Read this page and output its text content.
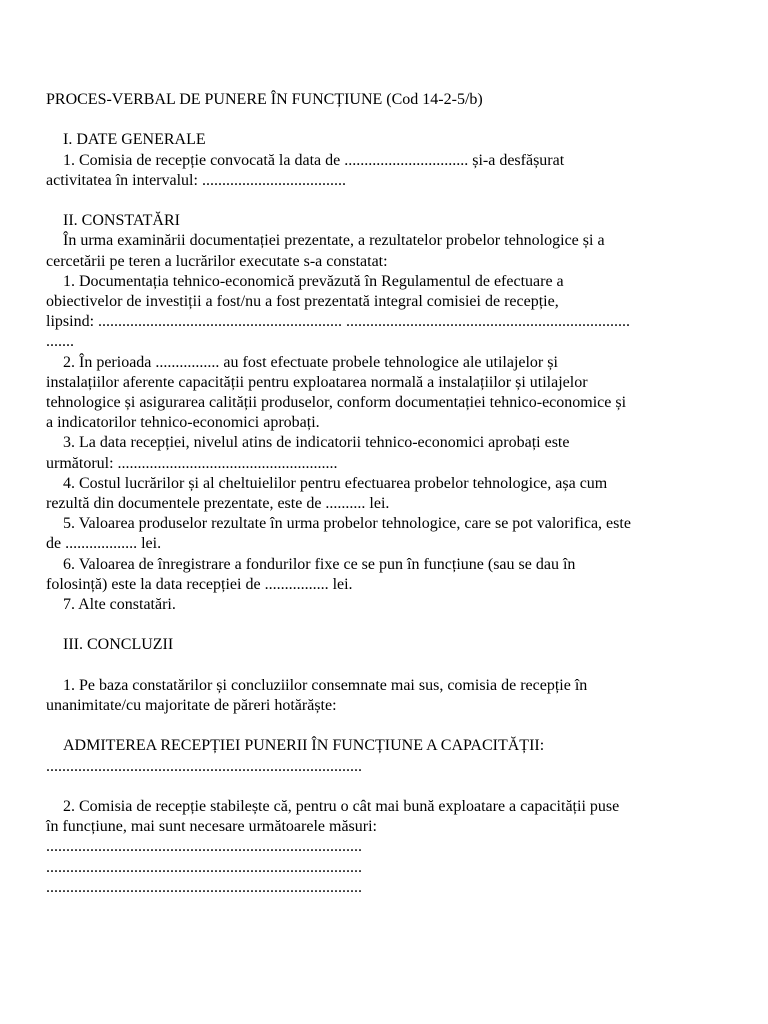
PROCES-VERBAL DE PUNERE ÎN FUNCȚIUNE (Cod 14-2-5/b)
I. DATE GENERALE
1. Comisia de recepție convocată la data de ............................... și-a desfășurat
activitatea în intervalul: ....................................
II. CONSTATĂRI
În urma examinării documentației prezentate, a rezultatelor probelor tehnologice și a
cercetării pe teren a lucrărilor executate s-a constatat:
1. Documentația tehnico-economică prevăzută în Regulamentul de efectuare a
obiectivelor de investiții a fost/nu a fost prezentată integral comisiei de recepție,
lipsind: ............................................................. .......................................................................
.......
2. În perioada ................ au fost efectuate probele tehnologice ale utilajelor și
instalațiilor aferente capacității pentru exploatarea normală a instalațiilor și utilajelor
tehnologice și asigurarea calității produselor, conform documentației tehnico-economice și
a indicatorilor tehnico-economici aprobați.
3. La data recepției, nivelul atins de indicatorii tehnico-economici aprobați este
următorul: .......................................................
4. Costul lucrărilor și al cheltuielilor pentru efectuarea probelor tehnologice, așa cum
rezultă din documentele prezentate, este de .......... lei.
5. Valoarea produselor rezultate în urma probelor tehnologice, care se pot valorifica, este
de .................. lei.
6. Valoarea de înregistrare a fondurilor fixe ce se pun în funcțiune (sau se dau în
folosință) este la data recepției de ................ lei.
7. Alte constatări.
III. CONCLUZII
1. Pe baza constatărilor și concluziilor consemnate mai sus, comisia de recepție în
unanimitate/cu majoritate de păreri hotărăște:
ADMITEREA RECEPȚIEI PUNERII ÎN FUNCȚIUNE A CAPACITĂȚII:
...............................................................................
2. Comisia de recepție stabilește că, pentru o cât mai bună exploatare a capacității puse
în funcțiune, mai sunt necesare următoarele măsuri:
...............................................................................
...............................................................................
...............................................................................
